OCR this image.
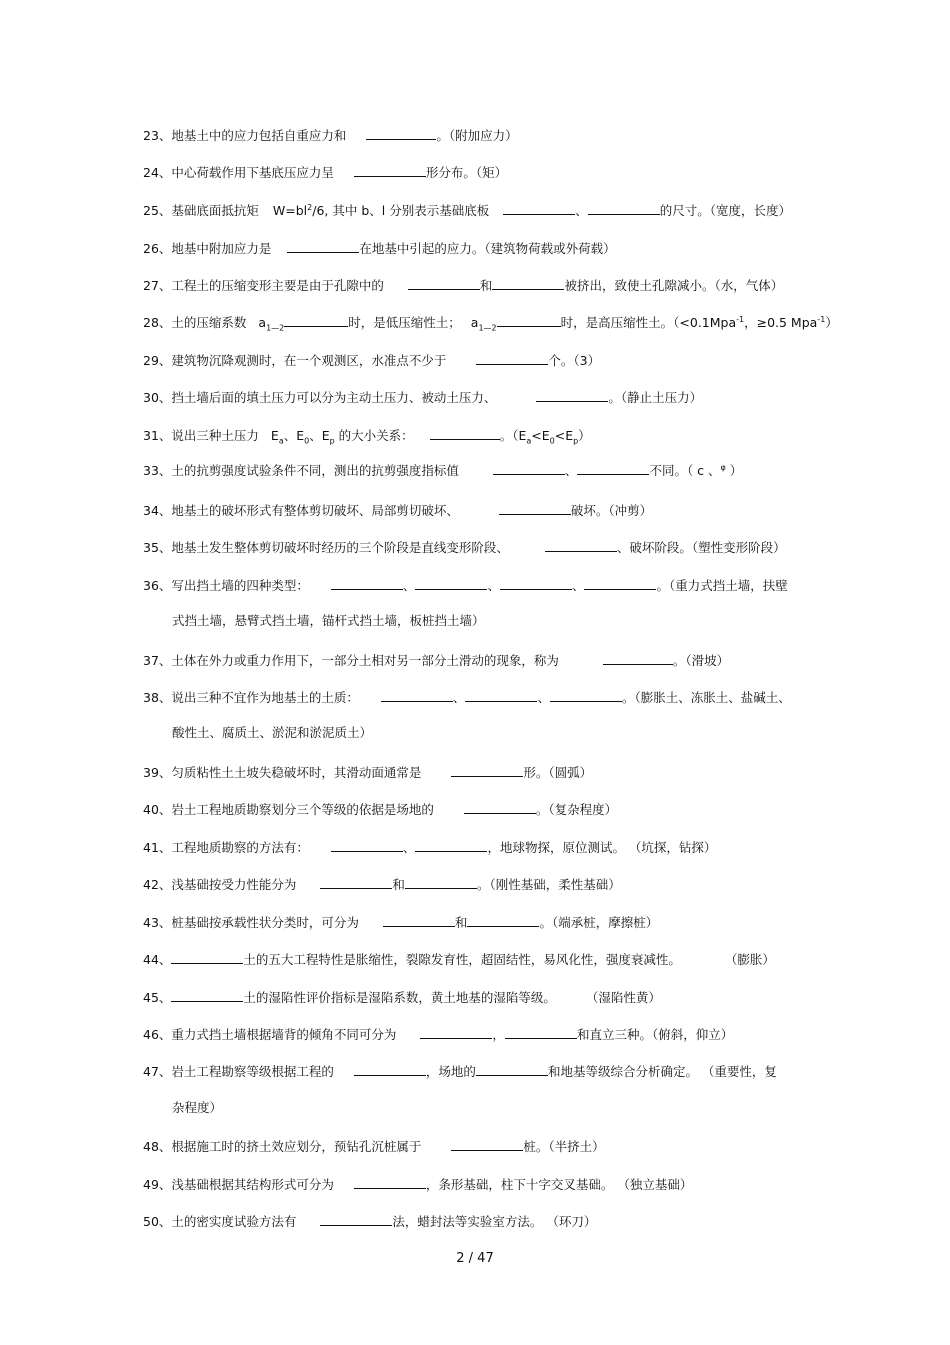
23、地基土中的应力包括自重应力和	。（附加应力）
24、中心荷载作用下基底压应力呈	形分布。（矩）
25、基础底面抵抗矩 $W=bl^2/6$, 其中 b、l 分别表示基础底板	、	的尺寸。（宽度，长度）
26、地基中附加应力是	在地基中引起的应力。（建筑物荷载或外荷载）
27、工程土的压缩变形主要是由于孔隙中的	和	被挤出，致使土孔隙减小。（水，气体）
28、土的压缩系数 $a_{1—2}$	时，是低压缩性土； $a_{1—2}$	时，是高压缩性土。（<0.1Mpa$^{-1}$，≥0.5 Mpa$^{-1}$）
29、建筑物沉降观测时，在一个观测区，水准点不少于	个。（3）
30、挡土墙后面的填土压力可以分为主动土压力、被动土压力、	。（静止土压力）
31、说出三种土压力 $E_a$、$E_0$、$E_p$ 的大小关系：	。$(E_a<E_0<E_p)$
33、土的抗剪强度试验条件不同，测出的抗剪强度指标值	、	不同。（ c 、$^\varphi$ ）
34、地基土的破坏形式有整体剪切破坏、局部剪切破坏、	破坏。（冲剪）
35、地基土发生整体剪切破坏时经历的三个阶段是直线变形阶段、	、破坏阶段。（塑性变形阶段）
36、写出挡土墙的四种类型：	、	、	、	。（重力式挡土墙，扶壁
式挡土墙，悬臂式挡土墙，锚杆式挡土墙，板桩挡土墙）
37、土体在外力或重力作用下，一部分土相对另一部分土滑动的现象，称为	。（滑坡）
38、说出三种不宜作为地基土的土质：	、	、	。（膨胀土、冻胀土、盐碱土、
酸性土、腐质土、淤泥和淤泥质土）
39、匀质粘性土土坡失稳破坏时，其滑动面通常是	形。（圆弧）
40、岩土工程地质勘察划分三个等级的依据是场地的	。（复杂程度）
41、工程地质勘察的方法有：	、	，地球物探，原位测试。 （坑探，钻探）
42、浅基础按受力性能分为	和	。（刚性基础，柔性基础）
43、桩基础按承载性状分类时，可分为	和	。（端承桩，摩擦桩）
44、	土的五大工程特性是胀缩性，裂隙发育性，超固结性，易风化性，强度衰减性。	（膨胀）
45、	土的湿陷性评价指标是湿陷系数，黄土地基的湿陷等级。 （湿陷性黄）
46、重力式挡土墙根据墙背的倾角不同可分为	，	和直立三种。（俯斜，仰立）
47、岩土工程勘察等级根据工程的	，场地的	和地基等级综合分析确定。 （重要性，复
杂程度）
48、根据施工时的挤土效应划分，预钻孔沉桩属于	桩。（半挤土）
49、浅基础根据其结构形式可分为	，条形基础，柱下十字交叉基础。 （独立基础）
50、土的密实度试验方法有	法，蜡封法等实验室方法。 （环刀）
2 / 47
